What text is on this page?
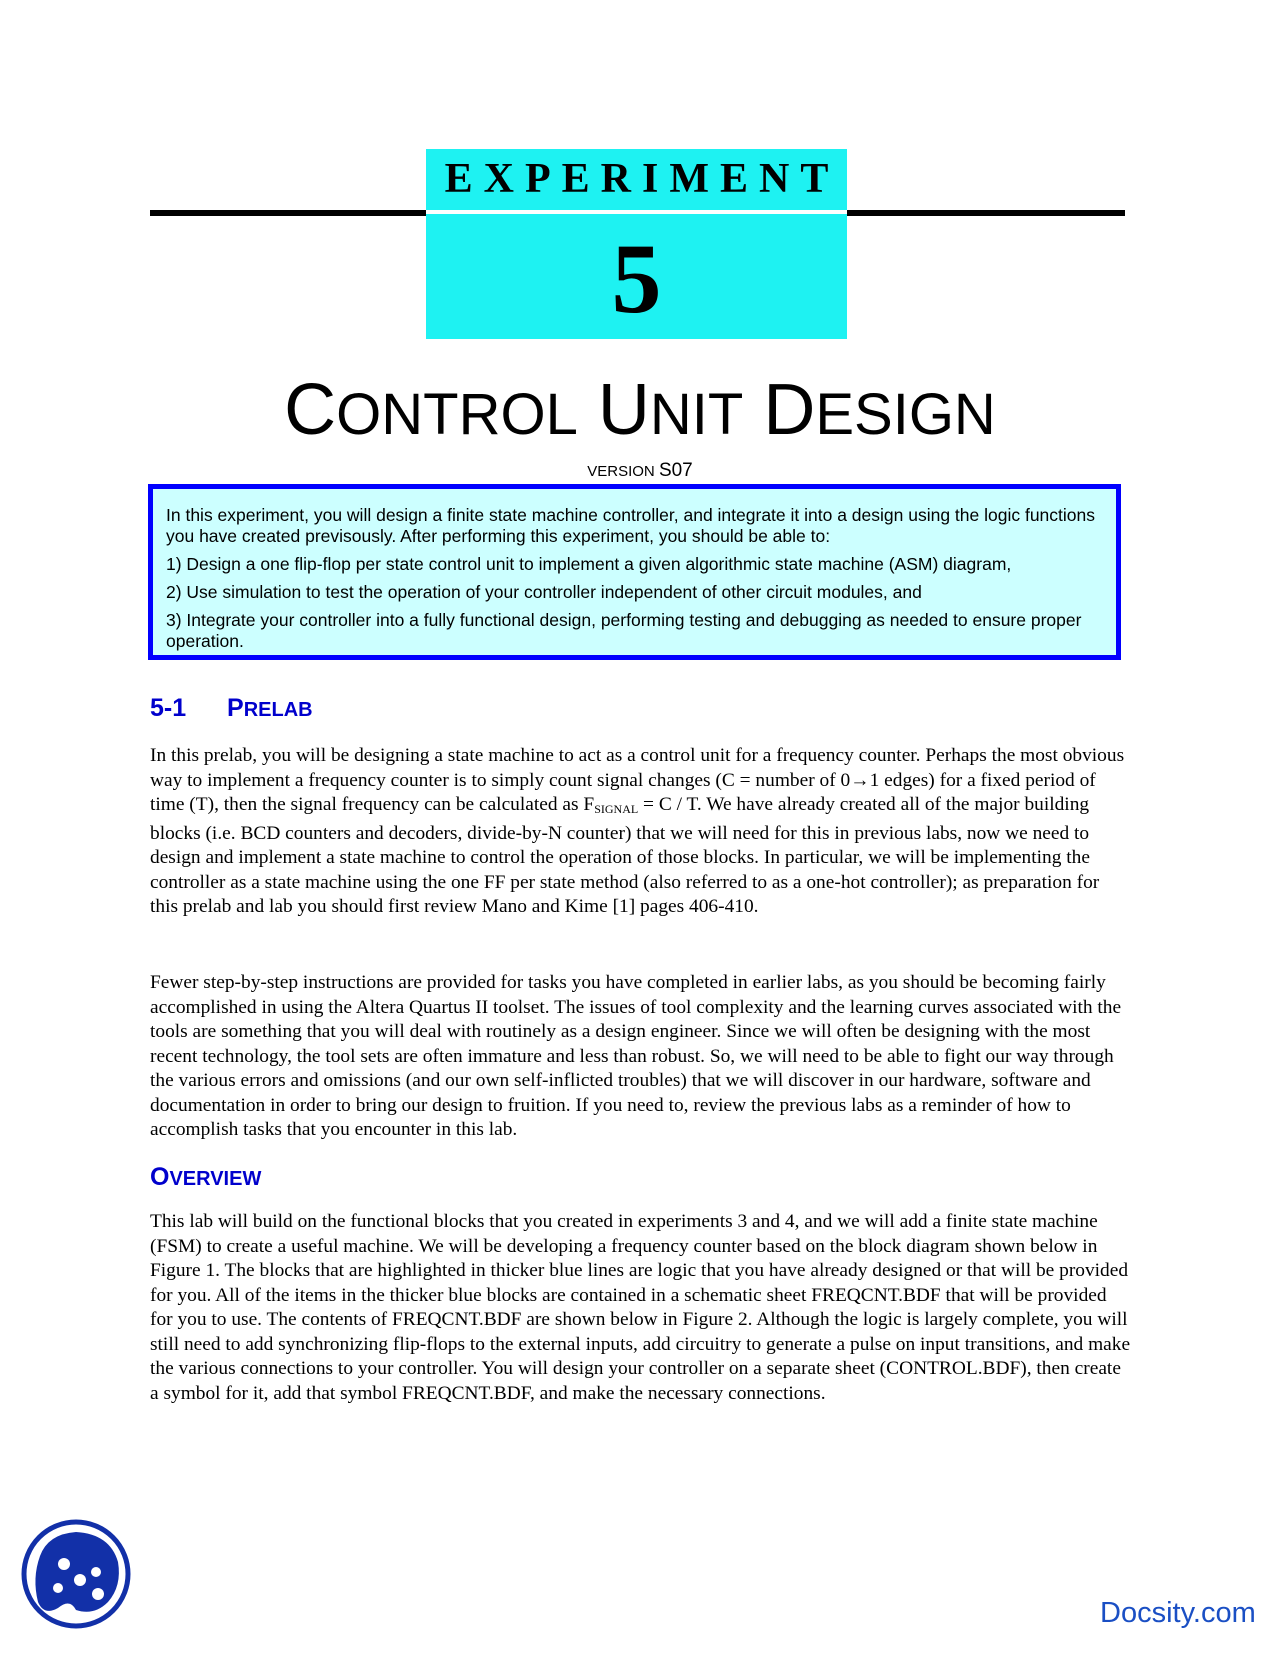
EXPERIMENT
5
CONTROL UNIT DESIGN
VERSION S07

In this experiment, you will design a finite state machine controller, and integrate it into a design using the logic functions you have created previsously. After performing this experiment, you should be able to:

1) Design a one flip-flop per state control unit to implement a given algorithmic state machine (ASM) diagram,

2) Use simulation to test the operation of your controller independent of other circuit modules, and

3) Integrate your controller into a fully functional design, performing testing and debugging as needed to ensure proper operation.

5-1 PRELAB

In this prelab, you will be designing a state machine to act as a control unit for a frequency counter. Perhaps the most obvious way to implement a frequency counter is to simply count signal changes (C = number of 0→1 edges) for a fixed period of time (T), then the signal frequency can be calculated as $F_{SIGNAL} = C / T$. We have already created all of the major building blocks (i.e. BCD counters and decoders, divide-by-N counter) that we will need for this in previous labs, now we need to design and implement a state machine to control the operation of those blocks. In particular, we will be implementing the controller as a state machine using the one FF per state method (also referred to as a one-hot controller); as preparation for this prelab and lab you should first review Mano and Kime [1] pages 406-410.

Fewer step-by-step instructions are provided for tasks you have completed in earlier labs, as you should be becoming fairly accomplished in using the Altera Quartus II toolset. The issues of tool complexity and the learning curves associated with the tools are something that you will deal with routinely as a design engineer. Since we will often be designing with the most recent technology, the tool sets are often immature and less than robust. So, we will need to be able to fight our way through the various errors and omissions (and our own self-inflicted troubles) that we will discover in our hardware, software and documentation in order to bring our design to fruition. If you need to, review the previous labs as a reminder of how to accomplish tasks that you encounter in this lab.

OVERVIEW

This lab will build on the functional blocks that you created in experiments 3 and 4, and we will add a finite state machine (FSM) to create a useful machine. We will be developing a frequency counter based on the block diagram shown below in Figure 1. The blocks that are highlighted in thicker blue lines are logic that you have already designed or that will be provided for you. All of the items in the thicker blue blocks are contained in a schematic sheet FREQCNT.BDF that will be provided for you to use. The contents of FREQCNT.BDF are shown below in Figure 2. Although the logic is largely complete, you will still need to add synchronizing flip-flops to the external inputs, add circuitry to generate a pulse on input transitions, and make the various connections to your controller. You will design your controller on a separate sheet (CONTROL.BDF), then create a symbol for it, add that symbol FREQCNT.BDF, and make the necessary connections.

Docsity.com
